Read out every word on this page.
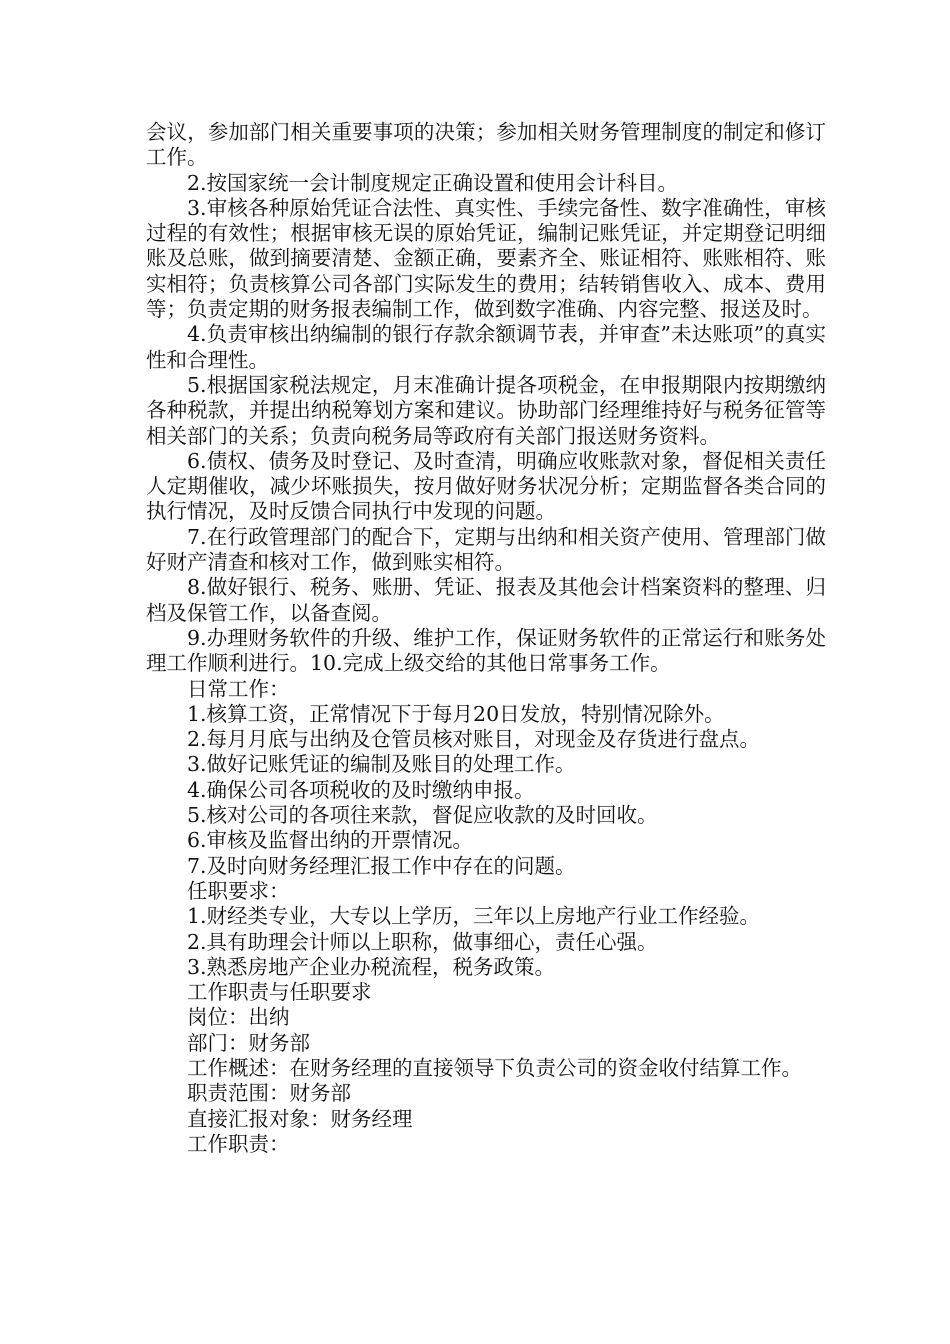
会议，参加部门相关重要事项的决策；参加相关财务管理制度的制定和修订工作。

2.按国家统一会计制度规定正确设置和使用会计科目。

3.审核各种原始凭证合法性、真实性、手续完备性、数字准确性，审核过程的有效性；根据审核无误的原始凭证，编制记账凭证，并定期登记明细账及总账，做到摘要清楚、金额正确，要素齐全、账证相符、账账相符、账实相符；负责核算公司各部门实际发生的费用；结转销售收入、成本、费用等；负责定期的财务报表编制工作，做到数字准确、内容完整、报送及时。

4.负责审核出纳编制的银行存款余额调节表，并审查”未达账项”的真实性和合理性。

5.根据国家税法规定，月末准确计提各项税金，在申报期限内按期缴纳各种税款，并提出纳税筹划方案和建议。协助部门经理维持好与税务征管等相关部门的关系；负责向税务局等政府有关部门报送财务资料。

6.债权、债务及时登记、及时查清，明确应收账款对象，督促相关责任人定期催收，减少坏账损失，按月做好财务状况分析；定期监督各类合同的执行情况，及时反馈合同执行中发现的问题。

7.在行政管理部门的配合下，定期与出纳和相关资产使用、管理部门做好财产清查和核对工作，做到账实相符。

8.做好银行、税务、账册、凭证、报表及其他会计档案资料的整理、归档及保管工作，以备查阅。

9.办理财务软件的升级、维护工作，保证财务软件的正常运行和账务处理工作顺利进行。10.完成上级交给的其他日常事务工作。

日常工作：

1.核算工资，正常情况下于每月20日发放，特别情况除外。

2.每月月底与出纳及仓管员核对账目，对现金及存货进行盘点。

3.做好记账凭证的编制及账目的处理工作。

4.确保公司各项税收的及时缴纳申报。

5.核对公司的各项往来款，督促应收款的及时回收。

6.审核及监督出纳的开票情况。

7.及时向财务经理汇报工作中存在的问题。

任职要求：

1.财经类专业，大专以上学历，三年以上房地产行业工作经验。

2.具有助理会计师以上职称，做事细心，责任心强。

3.熟悉房地产企业办税流程，税务政策。

工作职责与任职要求

岗位：出纳

部门：财务部

工作概述：在财务经理的直接领导下负责公司的资金收付结算工作。

职责范围：财务部

直接汇报对象：财务经理

工作职责：
